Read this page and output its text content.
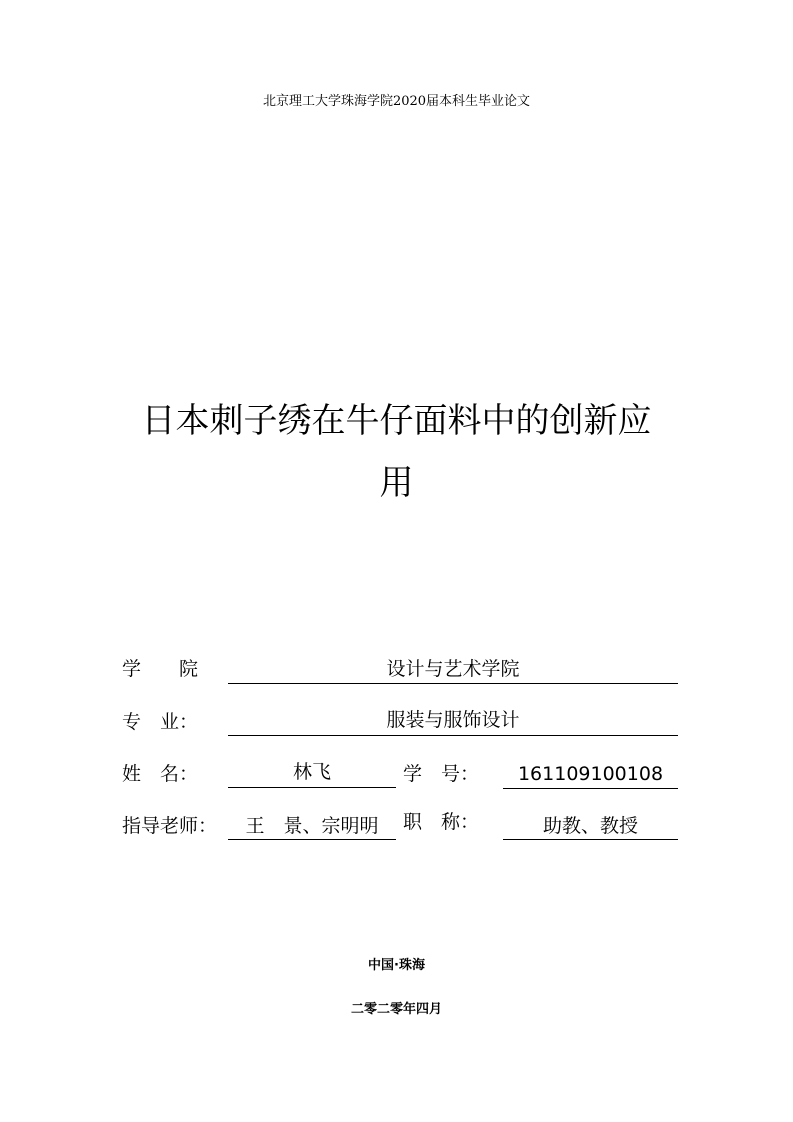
北京理工大学珠海学院2020届本科生毕业论文
日本刺子绣在牛仔面料中的创新应
用
学　　院	设计与艺术学院
专　业：	服装与服饰设计
姓　名：	林飞	学　号：	161109100108
指导老师：	王　景、宗明明	职　称：	助教、教授
中国·珠海
二零二零年四月
